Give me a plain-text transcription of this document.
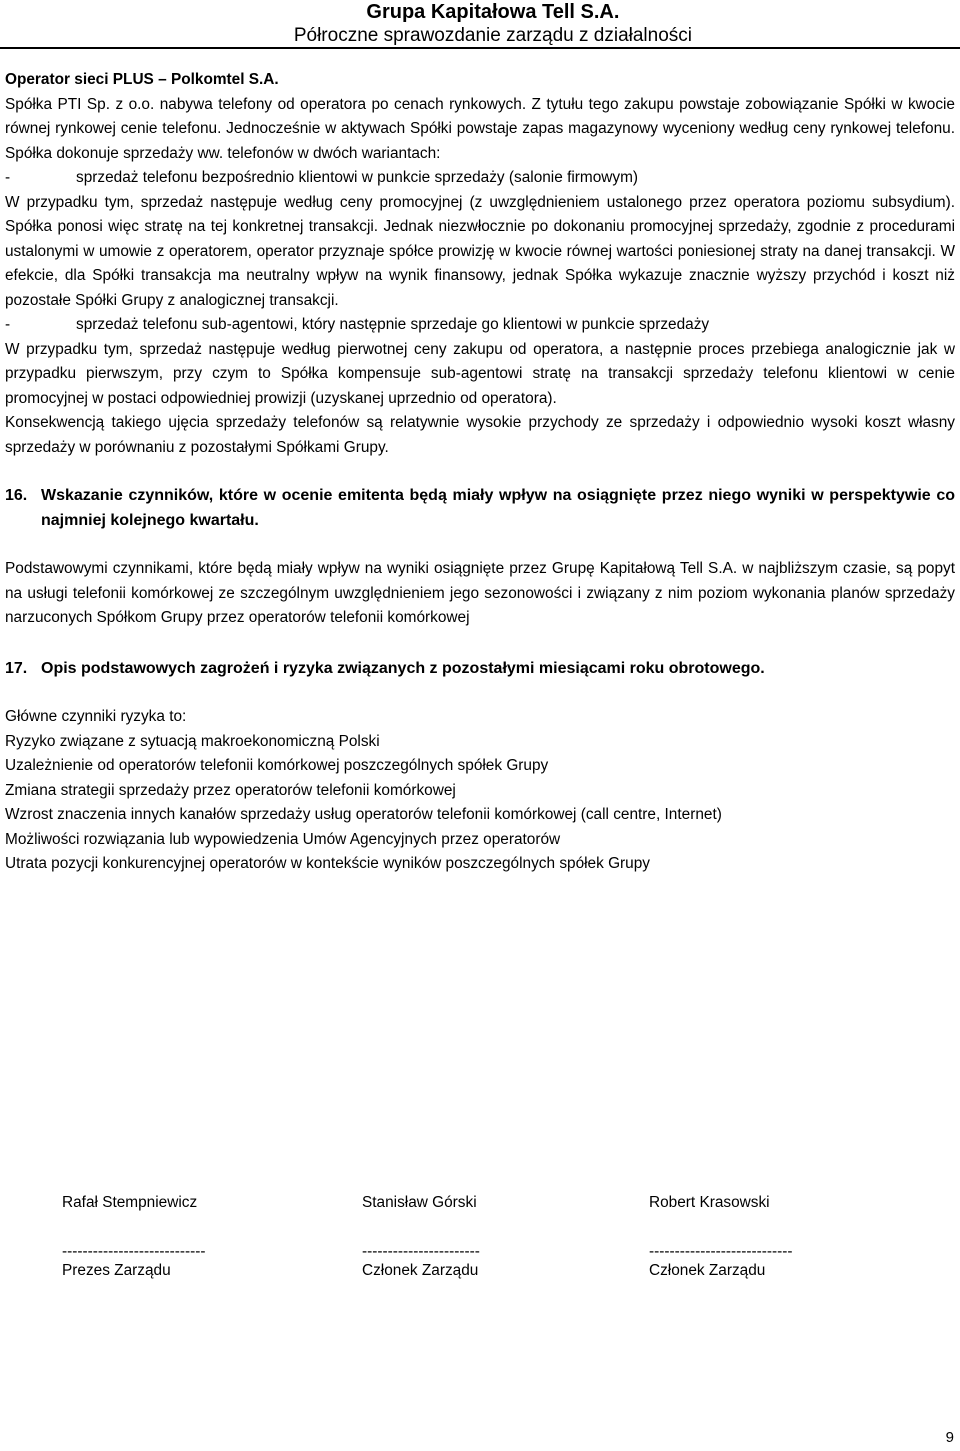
Grupa Kapitałowa Tell S.A.
Półroczne sprawozdanie zarządu z działalności

Operator sieci PLUS – Polkomtel S.A.

Spółka PTI Sp. z o.o. nabywa telefony od operatora po cenach rynkowych. Z tytułu tego zakupu powstaje zobowiązanie Spółki w kwocie równej rynkowej cenie telefonu. Jednocześnie w aktywach Spółki powstaje zapas magazynowy wyceniony według ceny rynkowej telefonu. Spółka dokonuje sprzedaży ww. telefonów w dwóch wariantach:

-	sprzedaż telefonu bezpośrednio klientowi w punkcie sprzedaży (salonie firmowym)

W przypadku tym, sprzedaż następuje według ceny promocyjnej (z uwzględnieniem ustalonego przez operatora poziomu subsydium). Spółka ponosi więc stratę na tej konkretnej transakcji. Jednak niezwłocznie po dokonaniu promocyjnej sprzedaży, zgodnie z procedurami ustalonymi w umowie z operatorem, operator przyznaje spółce prowizję w kwocie równej wartości poniesionej straty na danej transakcji. W efekcie, dla Spółki transakcja ma neutralny wpływ na wynik finansowy, jednak Spółka wykazuje znacznie wyższy przychód i koszt niż pozostałe Spółki Grupy z analogicznej transakcji.

-	sprzedaż telefonu sub-agentowi, który następnie sprzedaje go klientowi w punkcie sprzedaży

W przypadku tym, sprzedaż następuje według pierwotnej ceny zakupu od operatora, a następnie proces przebiega analogicznie jak w przypadku pierwszym, przy czym to Spółka kompensuje sub-agentowi stratę na transakcji sprzedaży telefonu klientowi w cenie promocyjnej w postaci odpowiedniej prowizji (uzyskanej uprzednio od operatora).

Konsekwencją takiego ujęcia sprzedaży telefonów są relatywnie wysokie przychody ze sprzedaży i odpowiednio wysoki koszt własny sprzedaży w porównaniu z pozostałymi Spółkami Grupy.

16. Wskazanie czynników, które w ocenie emitenta będą miały wpływ na osiągnięte przez niego wyniki w perspektywie co najmniej kolejnego kwartału.

Podstawowymi czynnikami, które będą miały wpływ na wyniki osiągnięte przez Grupę Kapitałową Tell S.A. w najbliższym czasie, są popyt na usługi telefonii komórkowej ze szczególnym uwzględnieniem jego sezonowości i związany z nim poziom wykonania planów sprzedaży narzuconych Spółkom Grupy przez operatorów telefonii komórkowej

17. Opis podstawowych zagrożeń i ryzyka związanych z pozostałymi miesiącami roku obrotowego.

Główne czynniki ryzyka to:

Ryzyko związane z sytuacją makroekonomiczną Polski

Uzależnienie od operatorów telefonii komórkowej poszczególnych spółek Grupy

Zmiana strategii sprzedaży przez operatorów telefonii komórkowej

Wzrost znaczenia innych kanałów sprzedaży usług operatorów telefonii komórkowej (call centre, Internet)

Możliwości rozwiązania lub wypowiedzenia Umów Agencyjnych przez operatorów

Utrata pozycji konkurencyjnej operatorów w kontekście wyników poszczególnych spółek Grupy

Rafał Stempniewicz
----------------------------
Prezes Zarządu
Stanisław Górski
-----------------------
Członek Zarządu
Robert Krasowski
----------------------------
Członek Zarządu
9
